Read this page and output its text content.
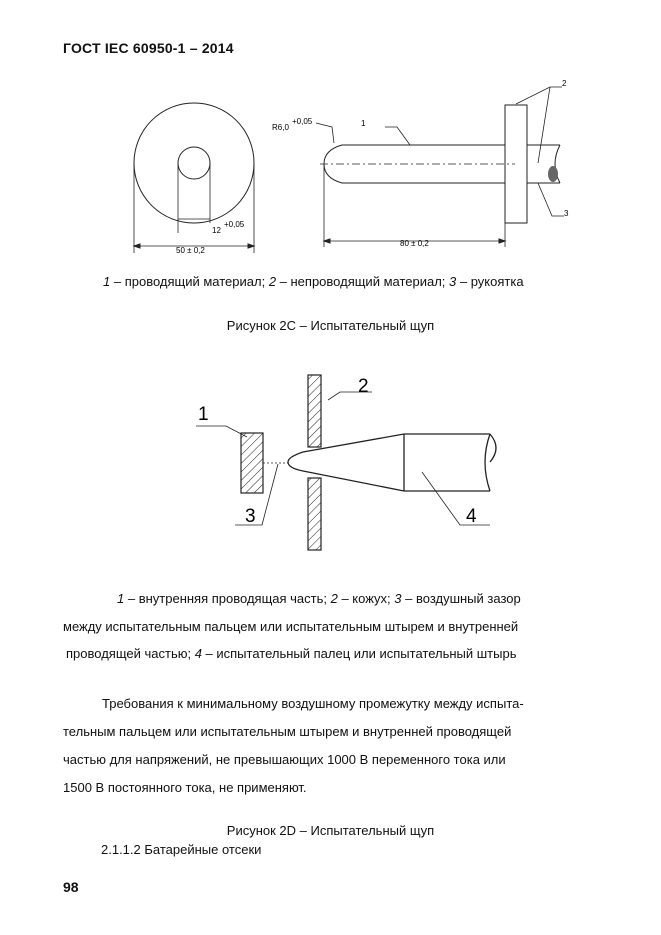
ГОСТ IEC 60950-1 – 2014
50 ± 0,2
12
+0,05
R6,0
+0,05
80 ± 0,2
1
2
3
1 – проводящий материал; 2 – непроводящий материал; 3 – рукоятка
Рисунок 2C – Испытательный щуп
1
2
3	4
1 – внутренняя проводящая часть; 2 – кожух; 3 – воздушный зазор
между испытательным пальцем или испытательным штырем и внутренней
проводящей частью; 4 – испытательный палец или испытательный штырь
Требования к минимальному воздушному промежутку между испыта-
тельным пальцем или испытательным штырем и внутренней проводящей
частью для напряжений, не превышающих 1000 В переменного тока или
1500 В постоянного тока, не применяют.
Рисунок 2D – Испытательный щуп
2.1.1.2 Батарейные отсеки
98
